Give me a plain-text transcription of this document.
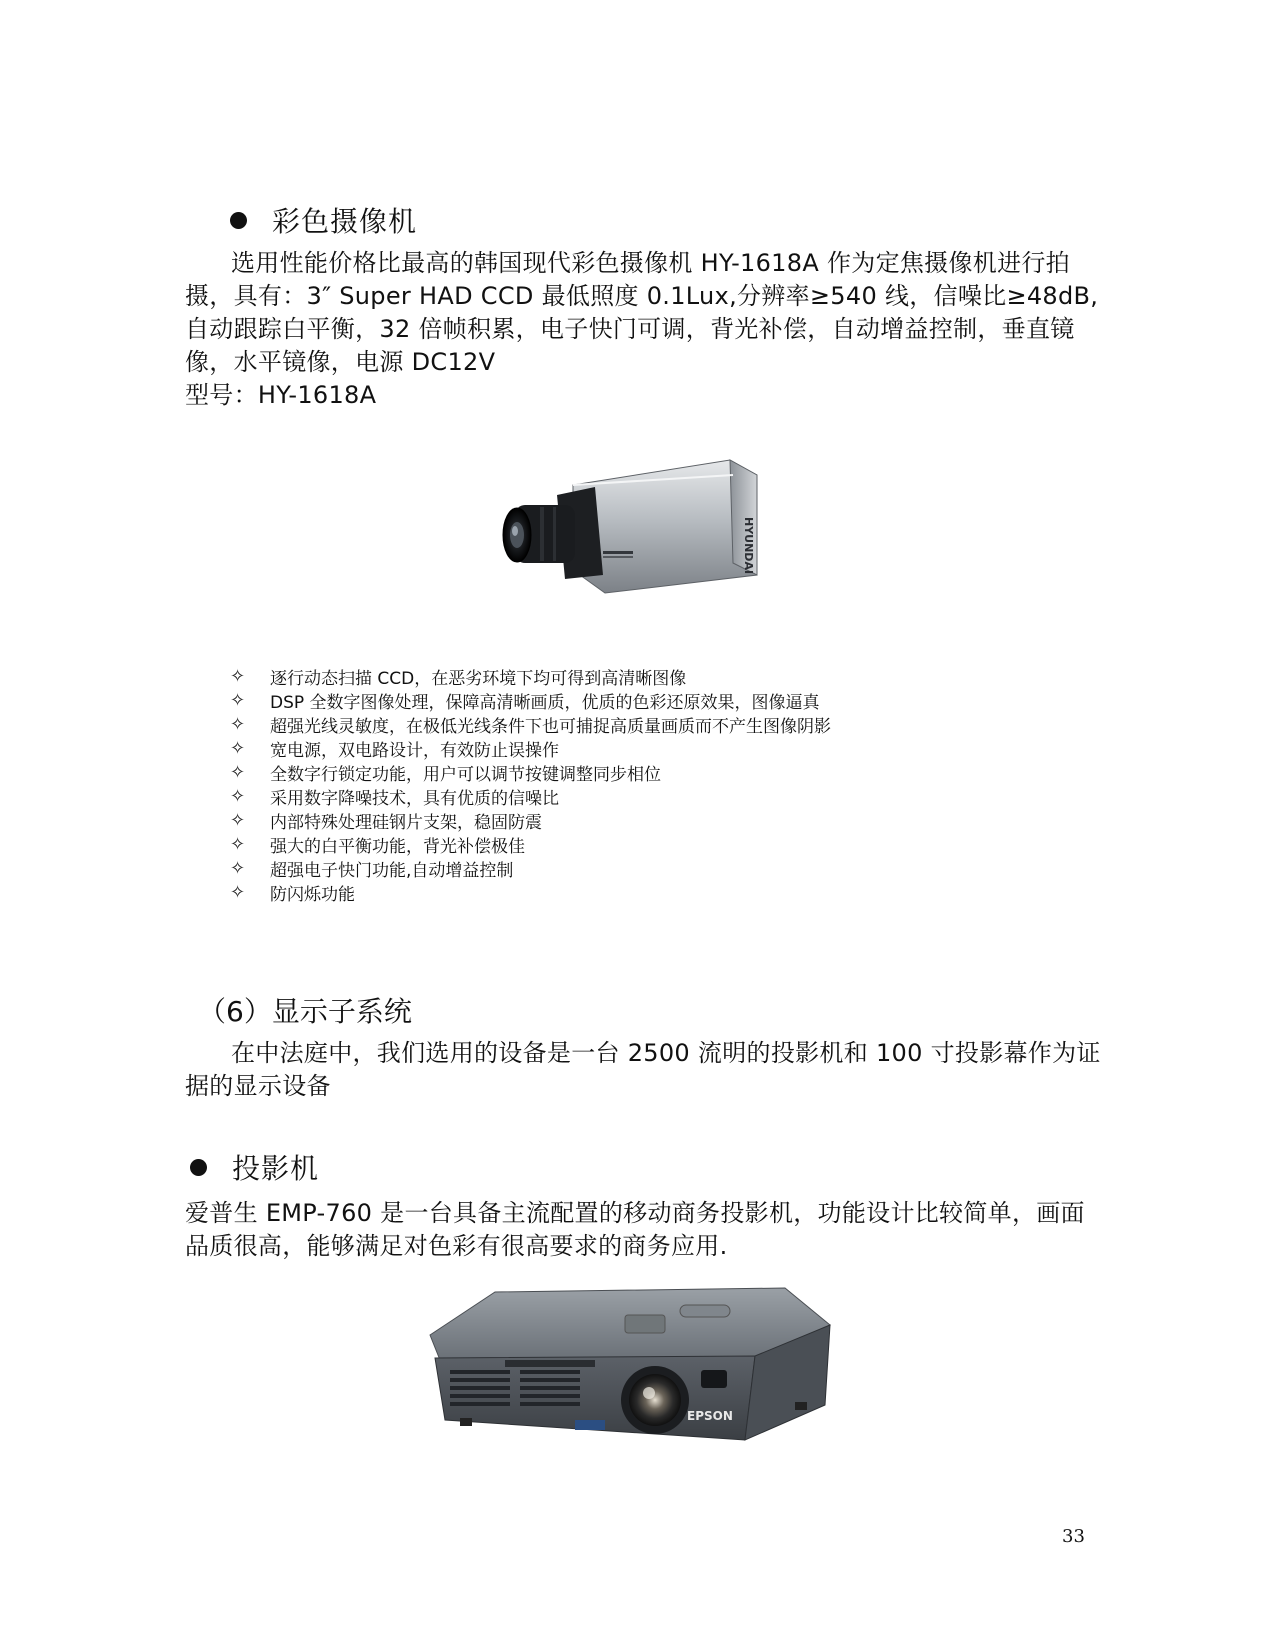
彩色摄像机
选用性能价格比最高的韩国现代彩色摄像机 HY-1618A 作为定焦摄像机进行拍
摄，具有：3″ Super HAD CCD 最低照度 0.1Lux,分辨率≥540 线，信噪比≥48dB,
自动跟踪白平衡，32 倍帧积累，电子快门可调，背光补偿，自动增益控制，垂直镜
像，水平镜像，电源 DC12V
型号：HY-1618A
HYUNDAI
✧	逐行动态扫描 CCD，在恶劣环境下均可得到高清晰图像
✧	DSP 全数字图像处理，保障高清晰画质，优质的色彩还原效果，图像逼真
✧	超强光线灵敏度，在极低光线条件下也可捕捉高质量画质而不产生图像阴影
✧	宽电源，双电路设计，有效防止误操作
✧	全数字行锁定功能，用户可以调节按键调整同步相位
✧	采用数字降噪技术，具有优质的信噪比
✧	内部特殊处理硅钢片支架，稳固防震
✧	强大的白平衡功能，背光补偿极佳
✧	超强电子快门功能,自动增益控制
✧	防闪烁功能
（6）显示子系统
在中法庭中，我们选用的设备是一台 2500 流明的投影机和 100 寸投影幕作为证
据的显示设备
投影机
爱普生 EMP-760 是一台具备主流配置的移动商务投影机，功能设计比较简单，画面
品质很高，能够满足对色彩有很高要求的商务应用.
EPSON
33
